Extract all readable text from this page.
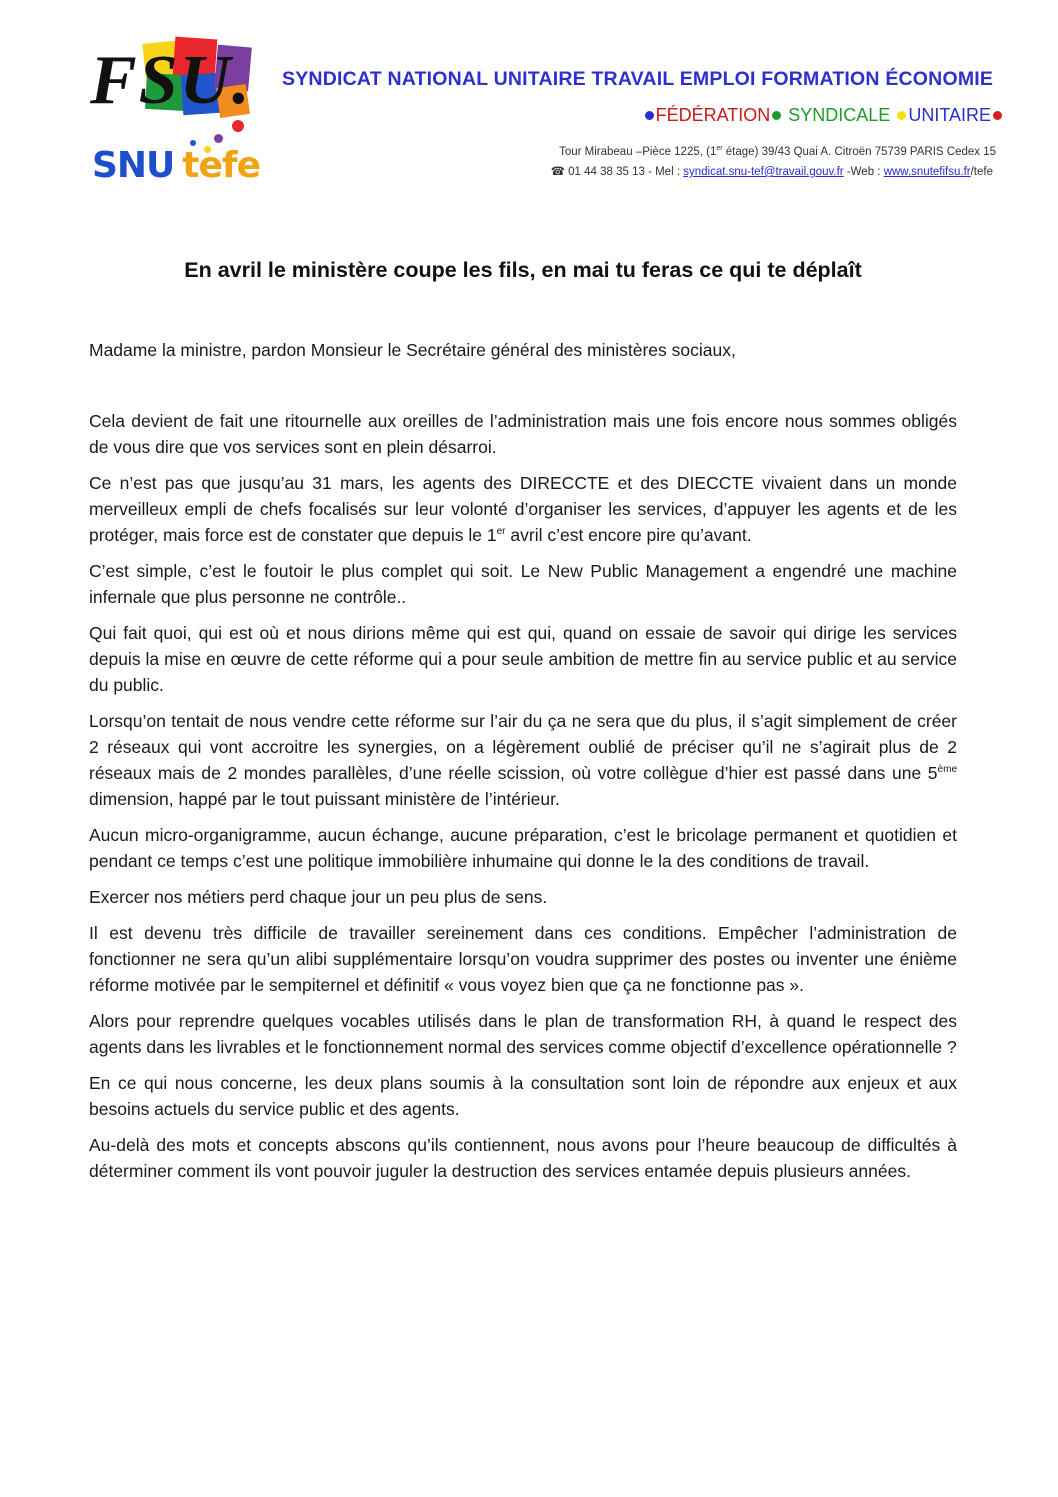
FSU.
SNU tefe
SYNDICAT NATIONAL UNITAIRE TRAVAIL EMPLOI FORMATION ÉCONOMIE
FÉDÉRATION SYNDICALE UNITAIRE
Tour Mirabeau –Pièce 1225, (1er étage) 39/43 Quai A. Citroën 75739 PARIS Cedex 15
☎ 01 44 38 35 13 - Mel : syndicat.snu-tef@travail.gouv.fr -Web : www.snutefifsu.fr/tefe
En avril le ministère coupe les fils, en mai tu feras ce qui te déplaît
Madame la ministre, pardon Monsieur le Secrétaire général des ministères sociaux,

Cela devient de fait une ritournelle aux oreilles de l’administration mais une fois encore nous sommes obligés de vous dire que vos services sont en plein désarroi.

Ce n’est pas que jusqu’au 31 mars, les agents des DIRECCTE et des DIECCTE vivaient dans un monde merveilleux empli de chefs focalisés sur leur volonté d’organiser les services, d’appuyer les agents et de les protéger, mais force est de constater que depuis le 1er avril c’est encore pire qu’avant.

C’est simple, c’est le foutoir le plus complet qui soit. Le New Public Management a engendré une machine infernale que plus personne ne contrôle..

Qui fait quoi, qui est où et nous dirions même qui est qui, quand on essaie de savoir qui dirige les services depuis la mise en œuvre de cette réforme qui a pour seule ambition de mettre fin au service public et au service du public.

Lorsqu’on tentait de nous vendre cette réforme sur l’air du ça ne sera que du plus, il s’agit simplement de créer 2 réseaux qui vont accroitre les synergies, on a légèrement oublié de préciser qu’il ne s’agirait plus de 2 réseaux mais de 2 mondes parallèles, d’une réelle scission, où votre collègue d’hier est passé dans une 5ème dimension, happé par le tout puissant ministère de l’intérieur.

Aucun micro-organigramme, aucun échange, aucune préparation, c’est le bricolage permanent et quotidien et pendant ce temps c’est une politique immobilière inhumaine qui donne le la des conditions de travail.

Exercer nos métiers perd chaque jour un peu plus de sens.

Il est devenu très difficile de travailler sereinement dans ces conditions. Empêcher l’administration de fonctionner ne sera qu’un alibi supplémentaire lorsqu’on voudra supprimer des postes ou inventer une énième réforme motivée par le sempiternel et définitif « vous voyez bien que ça ne fonctionne pas ».

Alors pour reprendre quelques vocables utilisés dans le plan de transformation RH, à quand le respect des agents dans les livrables et le fonctionnement normal des services comme objectif d’excellence opérationnelle ?

En ce qui nous concerne, les deux plans soumis à la consultation sont loin de répondre aux enjeux et aux besoins actuels du service public et des agents.

Au-delà des mots et concepts abscons qu’ils contiennent, nous avons pour l’heure beaucoup de difficultés à déterminer comment ils vont pouvoir juguler la destruction des services entamée depuis plusieurs années.
